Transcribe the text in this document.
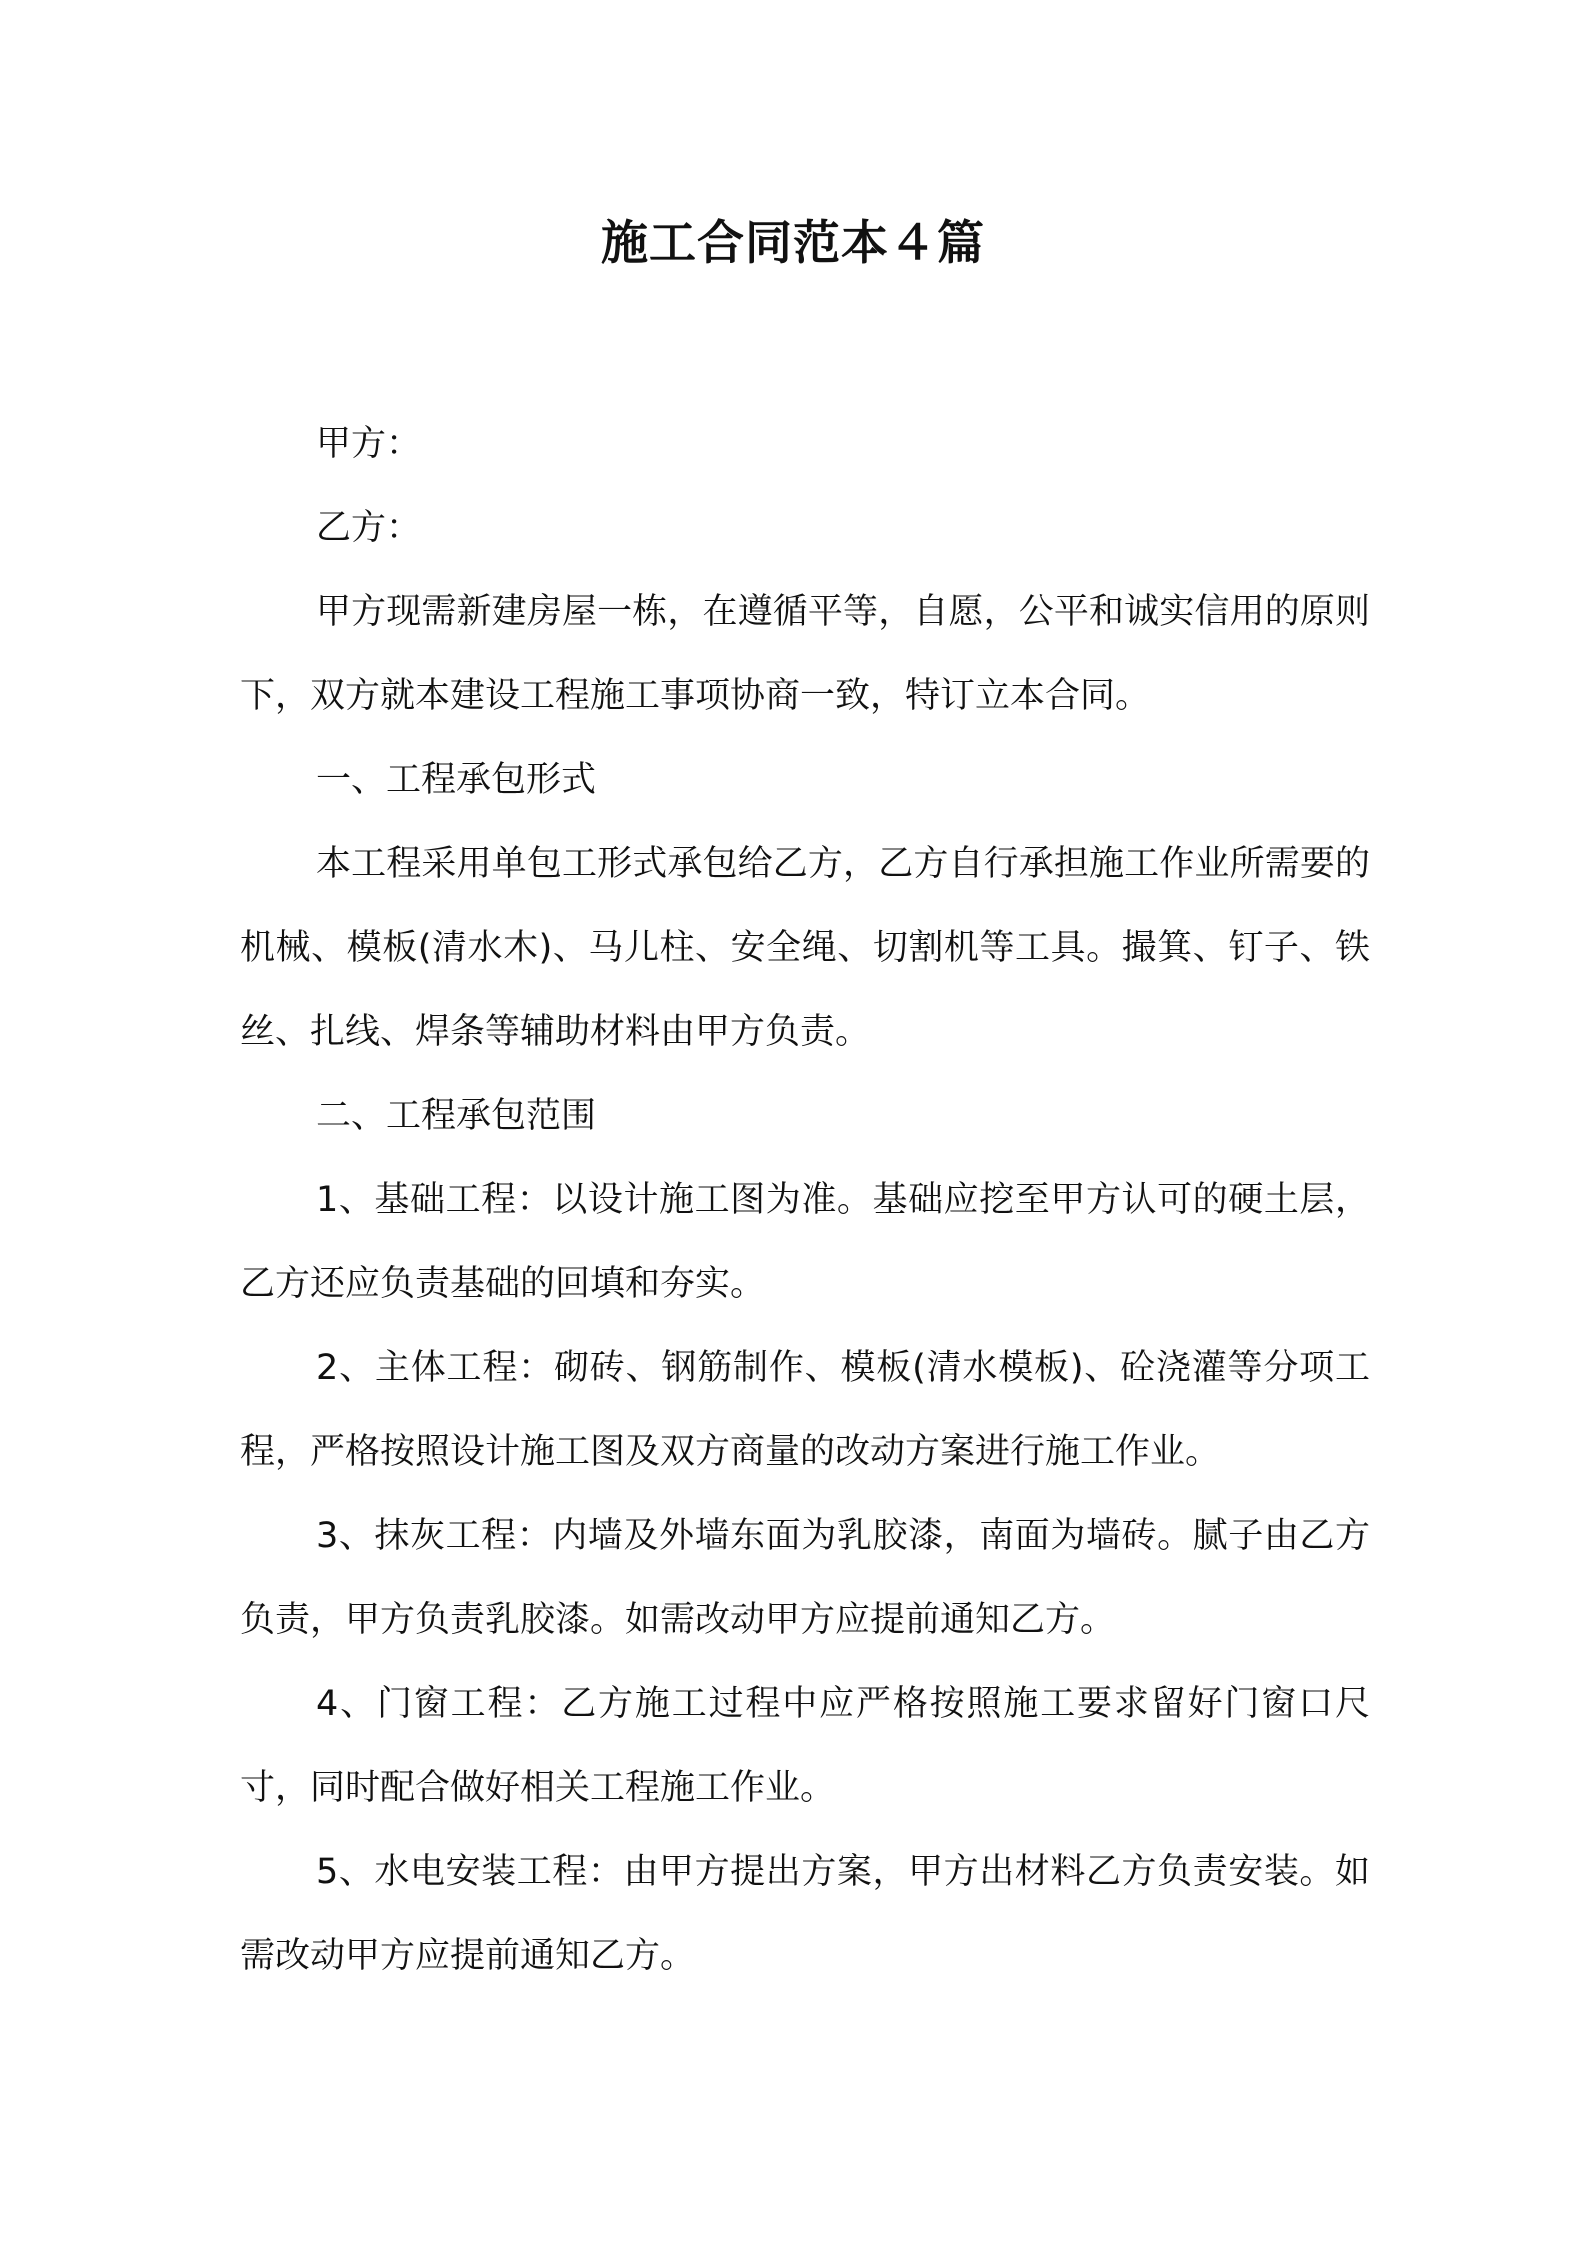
施工合同范本４篇

甲方：

乙方：

甲方现需新建房屋一栋，在遵循平等，自愿，公平和诚实信用的原则下，双方就本建设工程施工事项协商一致，特订立本合同。

一、工程承包形式

本工程采用单包工形式承包给乙方，乙方自行承担施工作业所需要的机械、模板(清水木)、马儿柱、安全绳、切割机等工具。撮箕、钉子、铁丝、扎线、焊条等辅助材料由甲方负责。

二、工程承包范围

1、基础工程：以设计施工图为准。基础应挖至甲方认可的硬土层，乙方还应负责基础的回填和夯实。

2、主体工程：砌砖、钢筋制作、模板(清水模板)、砼浇灌等分项工程，严格按照设计施工图及双方商量的改动方案进行施工作业。

3、抹灰工程：内墙及外墙东面为乳胶漆，南面为墙砖。腻子由乙方负责，甲方负责乳胶漆。如需改动甲方应提前通知乙方。

4、门窗工程：乙方施工过程中应严格按照施工要求留好门窗口尺寸，同时配合做好相关工程施工作业。

5、水电安装工程：由甲方提出方案，甲方出材料乙方负责安装。如需改动甲方应提前通知乙方。
